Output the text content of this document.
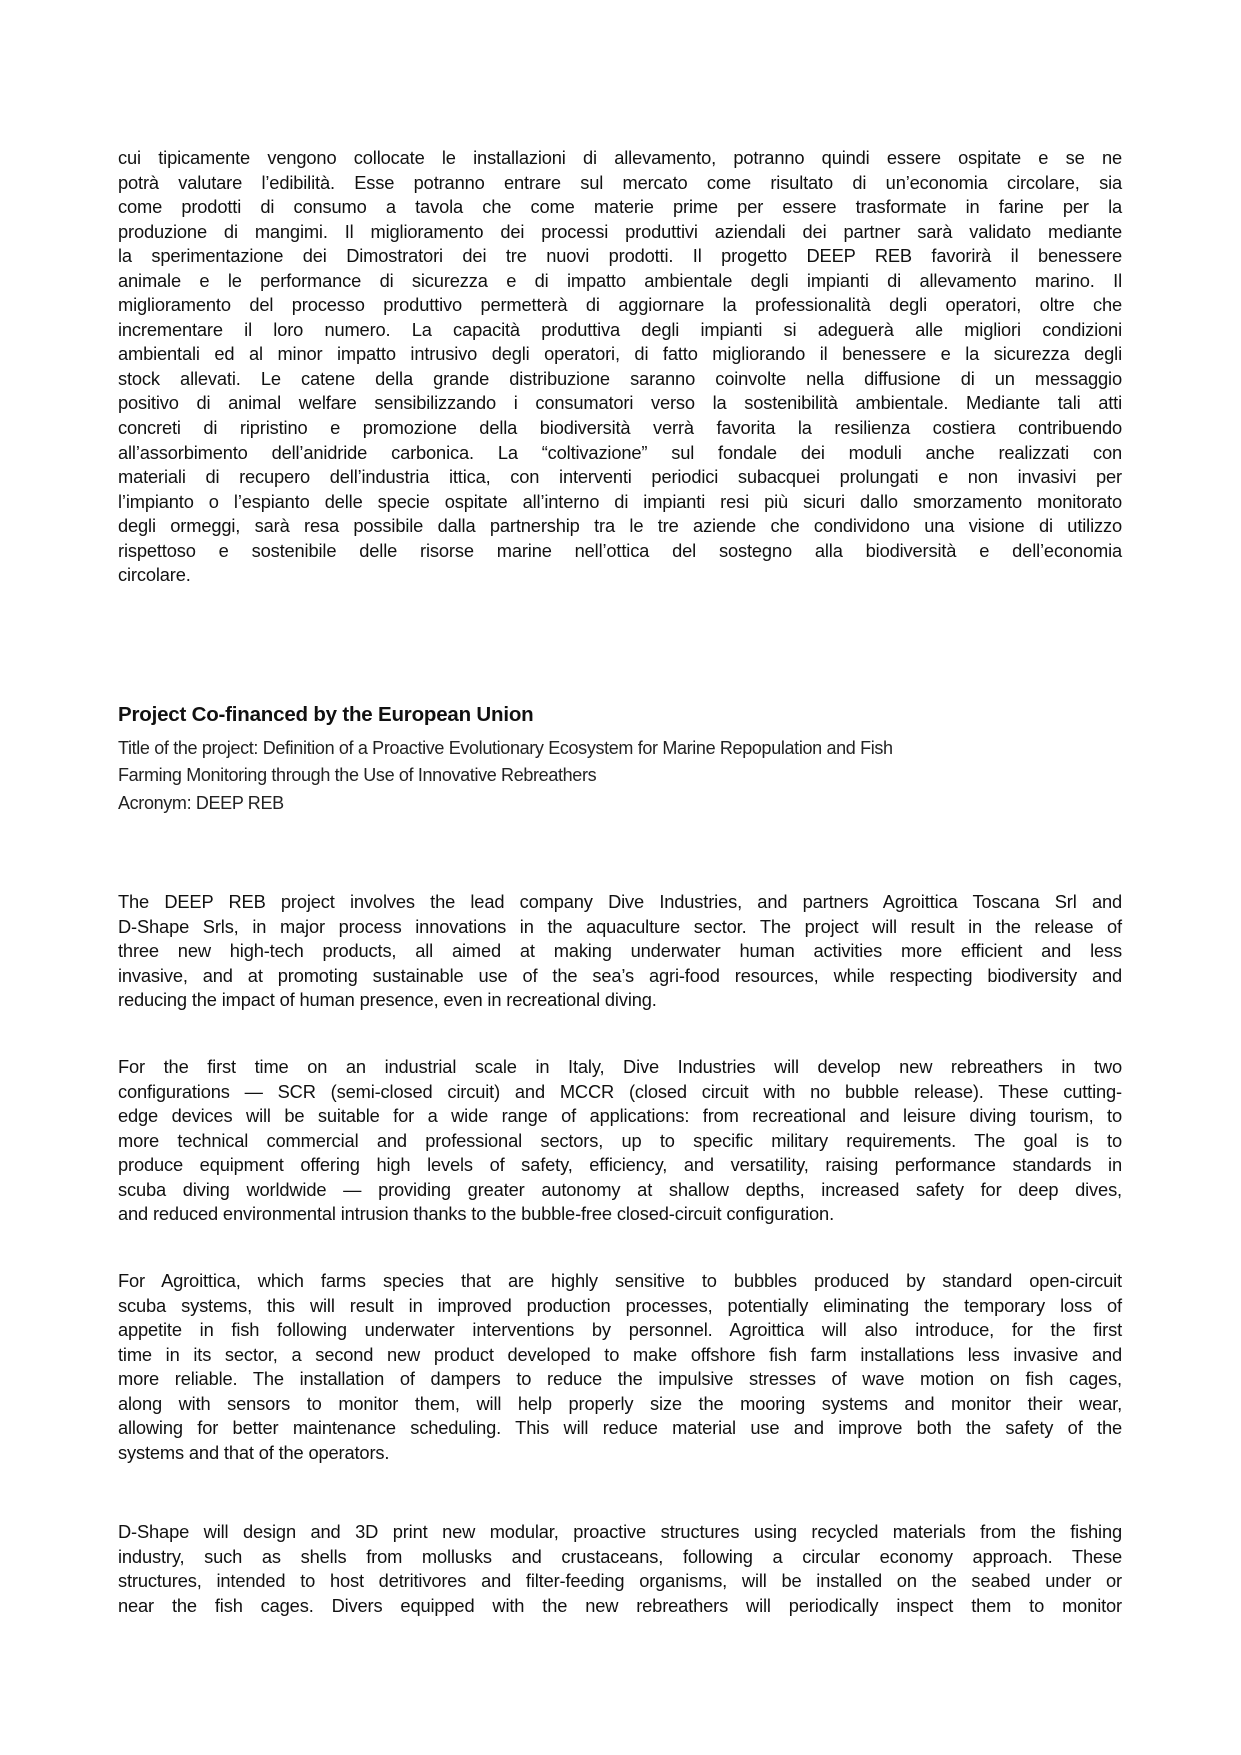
cui tipicamente vengono collocate le installazioni di allevamento, potranno quindi essere ospitate e se ne
potrà valutare l’edibilità. Esse potranno entrare sul mercato come risultato di un’economia circolare, sia
come prodotti di consumo a tavola che come materie prime per essere trasformate in farine per la
produzione di mangimi. Il miglioramento dei processi produttivi aziendali dei partner sarà validato mediante
la sperimentazione dei Dimostratori dei tre nuovi prodotti. Il progetto DEEP REB favorirà il benessere
animale e le performance di sicurezza e di impatto ambientale degli impianti di allevamento marino. Il
miglioramento del processo produttivo permetterà di aggiornare la professionalità degli operatori, oltre che
incrementare il loro numero. La capacità produttiva degli impianti si adeguerà alle migliori condizioni
ambientali ed al minor impatto intrusivo degli operatori, di fatto migliorando il benessere e la sicurezza degli
stock allevati. Le catene della grande distribuzione saranno coinvolte nella diffusione di un messaggio
positivo di animal welfare sensibilizzando i consumatori verso la sostenibilità ambientale. Mediante tali atti
concreti di ripristino e promozione della biodiversità verrà favorita la resilienza costiera contribuendo
all’assorbimento dell’anidride carbonica. La “coltivazione” sul fondale dei moduli anche realizzati con
materiali di recupero dell’industria ittica, con interventi periodici subacquei prolungati e non invasivi per
l’impianto o l’espianto delle specie ospitate all’interno di impianti resi più sicuri dallo smorzamento monitorato
degli ormeggi, sarà resa possibile dalla partnership tra le tre aziende che condividono una visione di utilizzo
rispettoso e sostenibile delle risorse marine nell’ottica del sostegno alla biodiversità e dell’economia
circolare.
Project Co-financed by the European Union
Title of the project: Definition of a Proactive Evolutionary Ecosystem for Marine Repopulation and Fish
Farming Monitoring through the Use of Innovative Rebreathers
Acronym: DEEP REB
The DEEP REB project involves the lead company Dive Industries, and partners Agroittica Toscana Srl and
D-Shape Srls, in major process innovations in the aquaculture sector. The project will result in the release of
three new high-tech products, all aimed at making underwater human activities more efficient and less
invasive, and at promoting sustainable use of the sea’s agri-food resources, while respecting biodiversity and
reducing the impact of human presence, even in recreational diving.
For the first time on an industrial scale in Italy, Dive Industries will develop new rebreathers in two
configurations — SCR (semi-closed circuit) and MCCR (closed circuit with no bubble release). These cutting-
edge devices will be suitable for a wide range of applications: from recreational and leisure diving tourism, to
more technical commercial and professional sectors, up to specific military requirements. The goal is to
produce equipment offering high levels of safety, efficiency, and versatility, raising performance standards in
scuba diving worldwide — providing greater autonomy at shallow depths, increased safety for deep dives,
and reduced environmental intrusion thanks to the bubble-free closed-circuit configuration.
For Agroittica, which farms species that are highly sensitive to bubbles produced by standard open-circuit
scuba systems, this will result in improved production processes, potentially eliminating the temporary loss of
appetite in fish following underwater interventions by personnel. Agroittica will also introduce, for the first
time in its sector, a second new product developed to make offshore fish farm installations less invasive and
more reliable. The installation of dampers to reduce the impulsive stresses of wave motion on fish cages,
along with sensors to monitor them, will help properly size the mooring systems and monitor their wear,
allowing for better maintenance scheduling. This will reduce material use and improve both the safety of the
systems and that of the operators.
D-Shape will design and 3D print new modular, proactive structures using recycled materials from the fishing
industry, such as shells from mollusks and crustaceans, following a circular economy approach. These
structures, intended to host detritivores and filter-feeding organisms, will be installed on the seabed under or
near the fish cages. Divers equipped with the new rebreathers will periodically inspect them to monitor
